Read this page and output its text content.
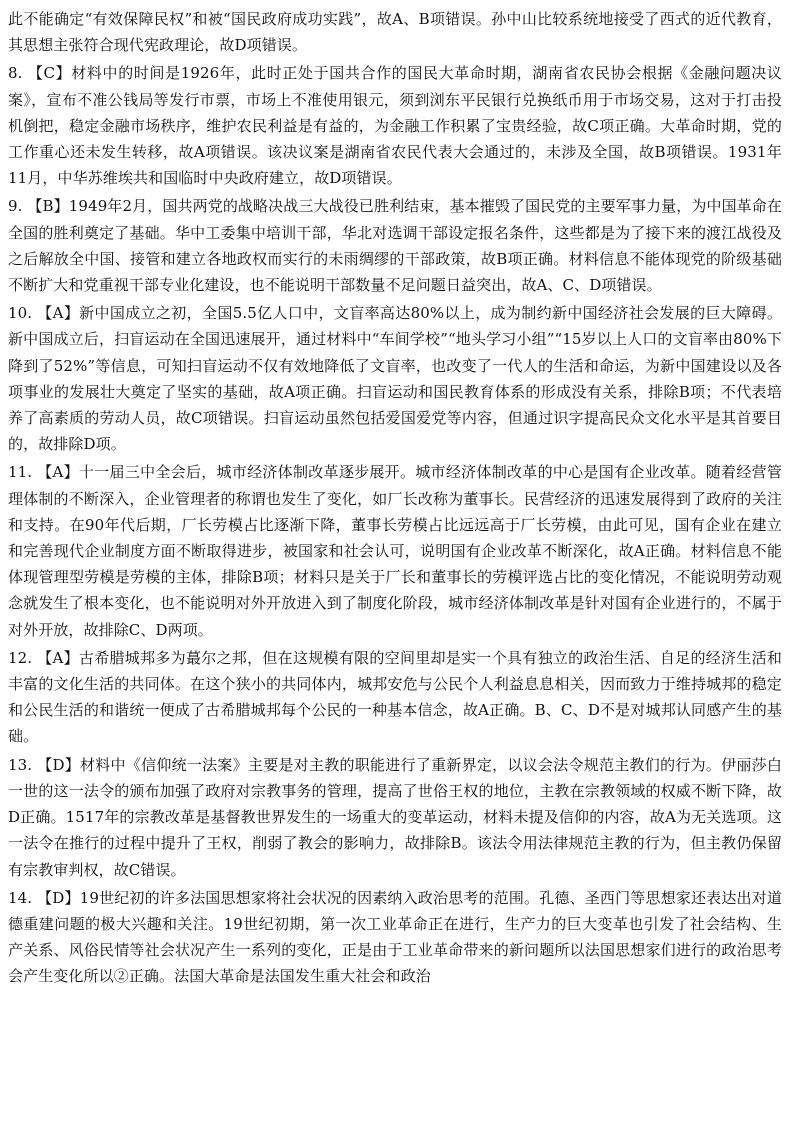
此不能确定“有效保障民权”和被“国民政府成功实践”，故A、B项错误。孙中山比较系统地接受了西式的近代教育，其思想主张符合现代宪政理论，故D项错误。

8. 【C】材料中的时间是1926年，此时正处于国共合作的国民大革命时期，湖南省农民协会根据《金融问题决议案》，宣布不准公钱局等发行市票，市场上不准使用银元，须到浏东平民银行兑换纸币用于市场交易，这对于打击投机倒把，稳定金融市场秩序，维护农民利益是有益的，为金融工作积累了宝贵经验，故C项正确。大革命时期，党的工作重心还未发生转移，故A项错误。该决议案是湖南省农民代表大会通过的，未涉及全国，故B项错误。1931年11月，中华苏维埃共和国临时中央政府建立，故D项错误。

9. 【B】1949年2月，国共两党的战略决战三大战役已胜利结束，基本摧毁了国民党的主要军事力量，为中国革命在全国的胜利奠定了基础。华中工委集中培训干部，华北对选调干部设定报名条件，这些都是为了接下来的渡江战役及之后解放全中国、接管和建立各地政权而实行的未雨绸缪的干部政策，故B项正确。材料信息不能体现党的阶级基础不断扩大和党重视干部专业化建设，也不能说明干部数量不足问题日益突出，故A、C、D项错误。

10. 【A】新中国成立之初，全国5.5亿人口中，文盲率高达80%以上，成为制约新中国经济社会发展的巨大障碍。新中国成立后，扫盲运动在全国迅速展开，通过材料中“车间学校”“地头学习小组”“15岁以上人口的文盲率由80%下降到了52%”等信息，可知扫盲运动不仅有效地降低了文盲率，也改变了一代人的生活和命运，为新中国建设以及各项事业的发展壮大奠定了坚实的基础，故A项正确。扫盲运动和国民教育体系的形成没有关系，排除B项；不代表培养了高素质的劳动人员，故C项错误。扫盲运动虽然包括爱国爱党等内容，但通过识字提高民众文化水平是其首要目的，故排除D项。

11. 【A】十一届三中全会后，城市经济体制改革逐步展开。城市经济体制改革的中心是国有企业改革。随着经营管理体制的不断深入，企业管理者的称谓也发生了变化，如厂长改称为董事长。民营经济的迅速发展得到了政府的关注和支持。在90年代后期，厂长劳模占比逐渐下降，董事长劳模占比远远高于厂长劳模，由此可见，国有企业在建立和完善现代企业制度方面不断取得进步，被国家和社会认可，说明国有企业改革不断深化，故A正确。材料信息不能体现管理型劳模是劳模的主体，排除B项；材料只是关于厂长和董事长的劳模评选占比的变化情况，不能说明劳动观念就发生了根本变化，也不能说明对外开放进入到了制度化阶段，城市经济体制改革是针对国有企业进行的，不属于对外开放，故排除C、D两项。

12. 【A】古希腊城邦多为蕞尔之邦，但在这规模有限的空间里却是实一个具有独立的政治生活、自足的经济生活和丰富的文化生活的共同体。在这个狭小的共同体内，城邦安危与公民个人利益息息相关，因而致力于维持城邦的稳定和公民生活的和谐统一便成了古希腊城邦每个公民的一种基本信念，故A正确。B、C、D不是对城邦认同感产生的基础。

13. 【D】材料中《信仰统一法案》主要是对主教的职能进行了重新界定，以议会法令规范主教们的行为。伊丽莎白一世的这一法令的颁布加强了政府对宗教事务的管理，提高了世俗王权的地位，主教在宗教领域的权威不断下降，故D正确。1517年的宗教改革是基督教世界发生的一场重大的变革运动，材料未提及信仰的内容，故A为无关选项。这一法令在推行的过程中提升了王权，削弱了教会的影响力，故排除B。该法令用法律规范主教的行为，但主教仍保留有宗教审判权，故C错误。

14. 【D】19世纪初的许多法国思想家将社会状况的因素纳入政治思考的范围。孔德、圣西门等思想家还表达出对道德重建问题的极大兴趣和关注。19世纪初期，第一次工业革命正在进行，生产力的巨大变革也引发了社会结构、生产关系、风俗民情等社会状况产生一系列的变化，正是由于工业革命带来的新问题所以法国思想家们进行的政治思考会产生变化所以②正确。法国大革命是法国发生重大社会和政治
